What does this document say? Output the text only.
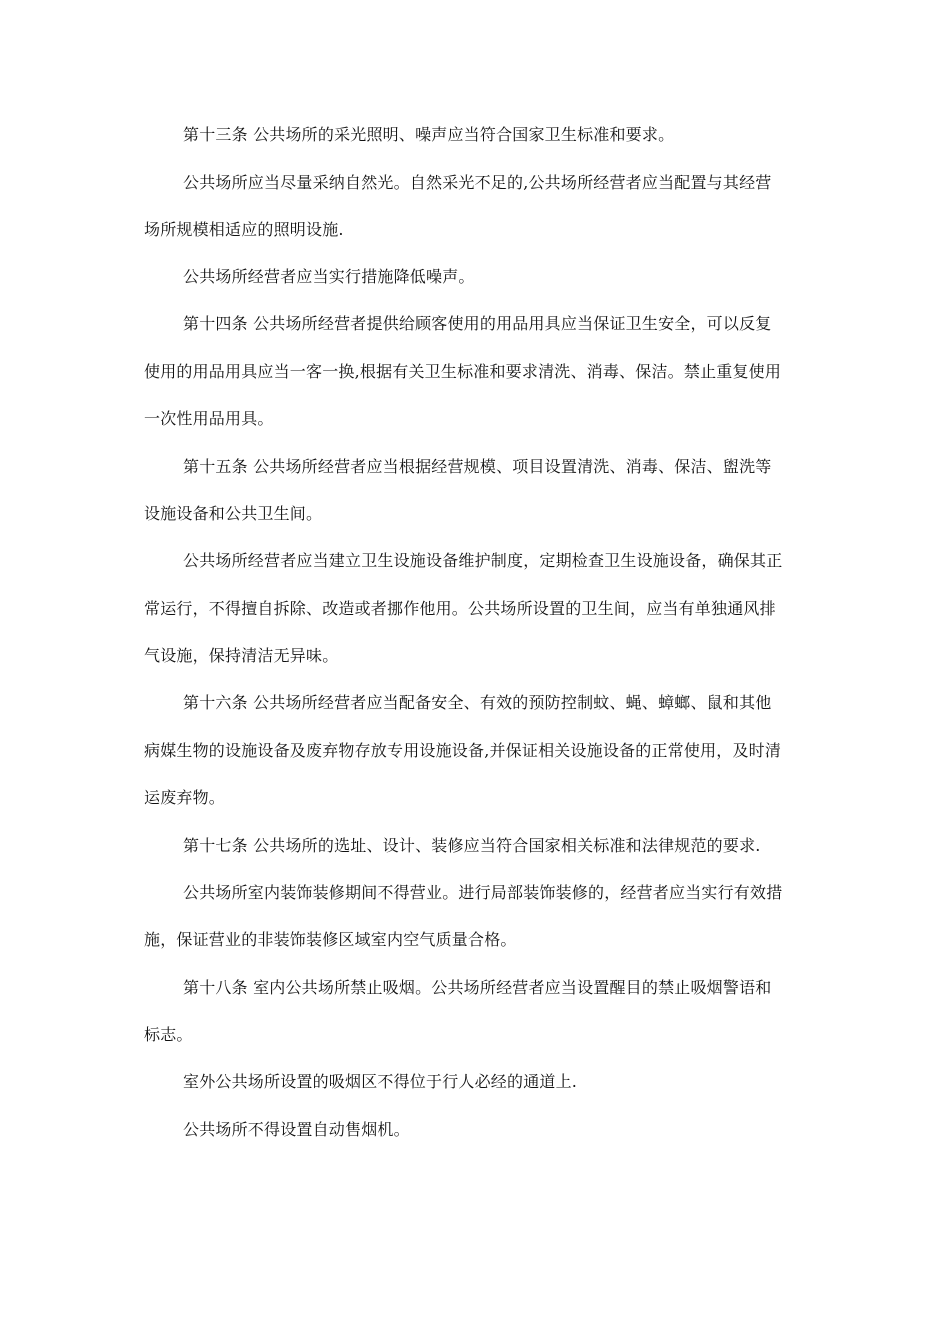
第十三条 公共场所的采光照明、噪声应当符合国家卫生标准和要求。
公共场所应当尽量采纳自然光。自然采光不足的,公共场所经营者应当配置与其经营
场所规模相适应的照明设施.
公共场所经营者应当实行措施降低噪声。
第十四条 公共场所经营者提供给顾客使用的用品用具应当保证卫生安全，可以反复
使用的用品用具应当一客一换,根据有关卫生标准和要求清洗、消毒、保洁。禁止重复使用
一次性用品用具。
第十五条 公共场所经营者应当根据经营规模、项目设置清洗、消毒、保洁、盥洗等
设施设备和公共卫生间。
公共场所经营者应当建立卫生设施设备维护制度，定期检查卫生设施设备，确保其正
常运行，不得擅自拆除、改造或者挪作他用。公共场所设置的卫生间，应当有单独通风排
气设施，保持清洁无异味。
第十六条 公共场所经营者应当配备安全、有效的预防控制蚊、蝇、蟑螂、鼠和其他
病媒生物的设施设备及废弃物存放专用设施设备,并保证相关设施设备的正常使用，及时清
运废弃物。
第十七条 公共场所的选址、设计、装修应当符合国家相关标准和法律规范的要求.
公共场所室内装饰装修期间不得营业。进行局部装饰装修的，经营者应当实行有效措
施，保证营业的非装饰装修区域室内空气质量合格。
第十八条 室内公共场所禁止吸烟。公共场所经营者应当设置醒目的禁止吸烟警语和
标志。
室外公共场所设置的吸烟区不得位于行人必经的通道上.
公共场所不得设置自动售烟机。
